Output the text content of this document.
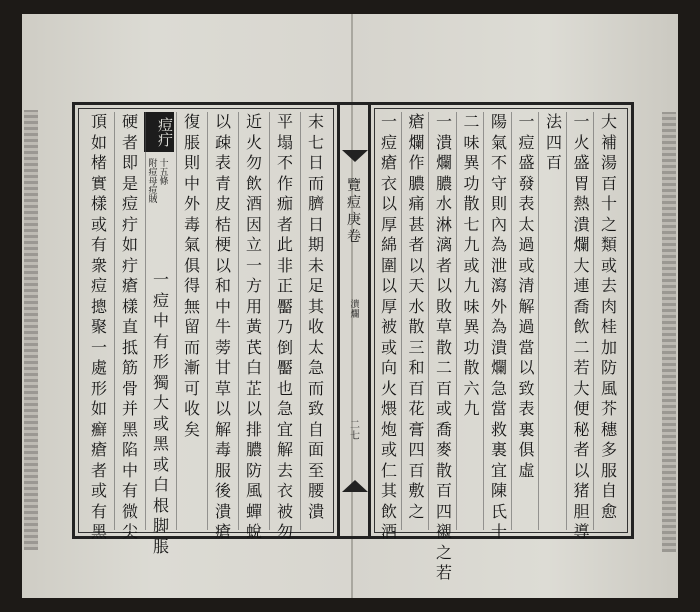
覽痘庚卷
潰爛
二七
痘疔	末七日而臍日期未足其收太急而致自面至腰潰
平塌不作痂者此非正靨乃倒靨也急宜解去衣被勿
近火勿飲酒因立一方用黃芪白芷以排膿防風蟬蛻
以疎表青皮桔梗以和中牛蒡甘草以解毒服後潰瘡
復脹則中外毒氣俱得無留而漸可收矣
一痘中有形獨大或黑或白根脚脹
附痘母痘賊
十五條
硬者即是痘疔如疔瘡樣直抵筋骨并黑陷中有微尖
頂如楮實樣或有衆痘摠聚一處形如癬瘡者或有黑
大補湯百十之類或去肉桂加防風芥穗多服自愈
一火盛胃熱潰爛大連喬飲二若大便秘者以猪胆導
法四百
一痘盛發表太過或清解過當以致表裏俱虛
陽氣不守則內為泄瀉外為潰爛急當救裏宜陳氏十
二味異功散七九或九味異功散六九
一潰爛膿水淋漓者以敗草散二百或喬麥散百四襯之若
瘡爛作膿痛甚者以天水散三和百花膏四百敷之
一痘瘡衣以厚綿圍以厚被或向火煨炮或仁其飲酒
